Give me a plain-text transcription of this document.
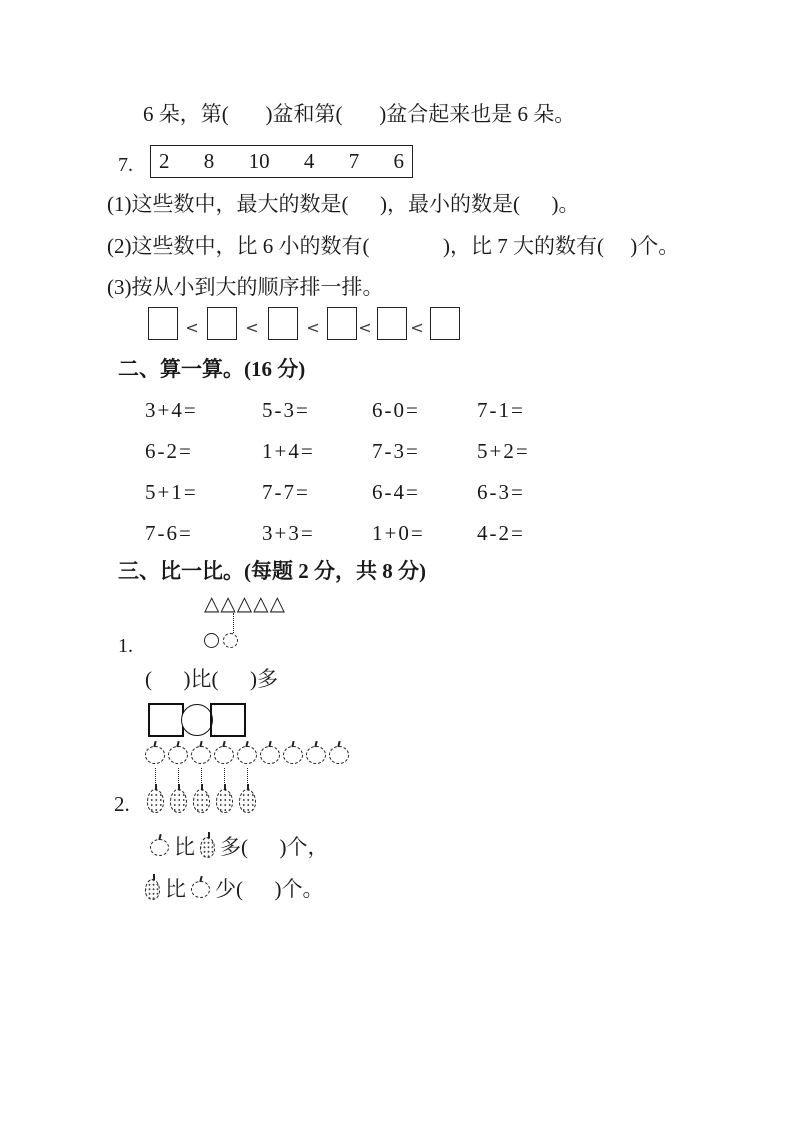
6 朵，第(       )盆和第(       )盆合起来也是 6 朵。
7. 2 8 10 4 7 6
(1)这些数中，最大的数是(      )，最小的数是(      )。
(2)这些数中，比 6 小的数有(              )，比 7 大的数有(     )个。
(3)按从小到大的顺序排一排。
<	<	< < <
二、算一算。(16 分)
3+4=	5-3=	6-0=	7-1=
6-2=	1+4=	7-3=	5+2=
5+1=	7-7=	6-4=	6-3=
7-6=	3+3=	1+0=	4-2=
三、比一比。(每题 2 分，共 8 分)
△ △ △ △ △
1.
(      )比(      )多
2.
比 多(      )个，
比 少(      )个。
